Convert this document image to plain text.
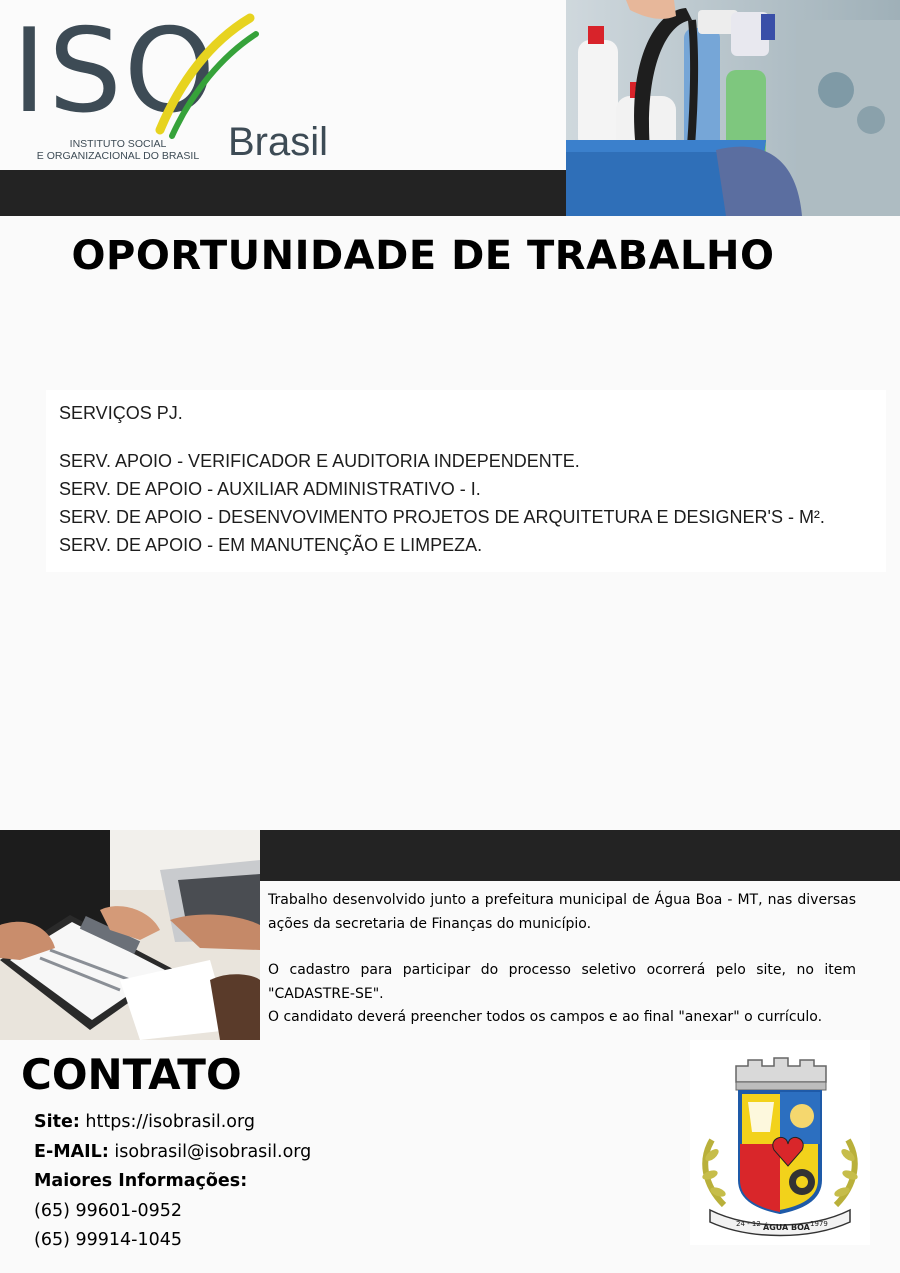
ISO
INSTITUTO SOCIAL
E ORGANIZACIONAL DO BRASIL Brasil
OPORTUNIDADE DE TRABALHO
SERVIÇOS PJ.
SERV. APOIO - VERIFICADOR E AUDITORIA INDEPENDENTE.
SERV. DE APOIO - AUXILIAR ADMINISTRATIVO - I.
SERV. DE APOIO - DESENVOVIMENTO PROJETOS DE ARQUITETURA E DESIGNER'S - M².
SERV. DE APOIO - EM MANUTENÇÃO E LIMPEZA.

Trabalho desenvolvido junto a prefeitura municipal de Água Boa - MT, nas diversas ações da secretaria de Finanças do município.

O cadastro para participar do processo seletivo ocorrerá pelo site, no item "CADASTRE-SE".

O candidato deverá preencher todos os campos e ao final "anexar" o currículo.

CONTATO
Site: https://isobrasil.org
E-MAIL: isobrasil@isobrasil.org
Maiores Informações:
(65) 99601-0952
(65) 99914-1045
24 - 12 ÁGUA BOA 1979
